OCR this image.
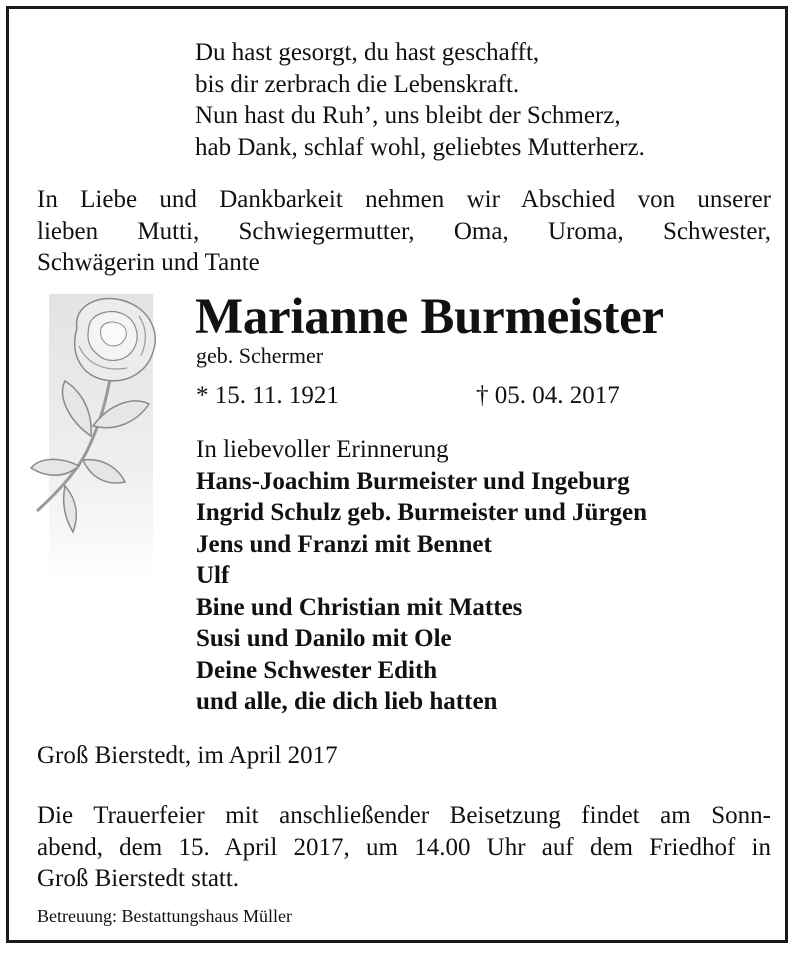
Du hast gesorgt, du hast geschafft,
bis dir zerbrach die Lebenskraft.
Nun hast du Ruh’, uns bleibt der Schmerz,
hab Dank, schlaf wohl, geliebtes Mutterherz.
In Liebe und Dankbarkeit nehmen wir Abschied von unserer
lieben Mutti, Schwiegermutter, Oma, Uroma, Schwester,
Schwägerin und Tante
Marianne Burmeister
geb. Schermer
* 15. 11. 1921	† 05. 04. 2017
In liebevoller Erinnerung
Hans-Joachim Burmeister und Ingeburg
Ingrid Schulz geb. Burmeister und Jürgen
Jens und Franzi mit Bennet
Ulf
Bine und Christian mit Mattes
Susi und Danilo mit Ole
Deine Schwester Edith
und alle, die dich lieb hatten
Groß Bierstedt, im April 2017
Die Trauerfeier mit anschließender Beisetzung findet am Sonn-
abend, dem 15. April 2017, um 14.00 Uhr auf dem Friedhof in
Groß Bierstedt statt.
Betreuung: Bestattungshaus Müller
